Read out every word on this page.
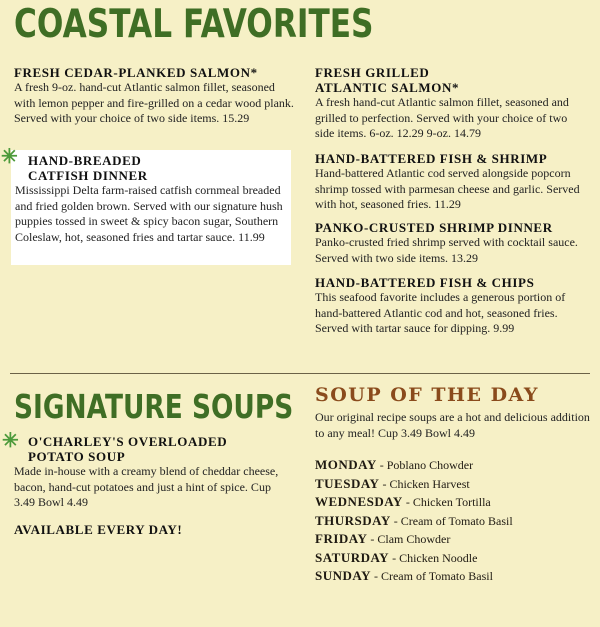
COASTAL FAVORITES
FRESH CEDAR-PLANKED SALMON*
A fresh 9-oz. hand-cut Atlantic salmon fillet, seasoned with lemon pepper and fire-grilled on a cedar wood plank. Served with your choice of two side items. 15.29
✳ HAND-BREADED CATFISH DINNER
Mississippi Delta farm-raised catfish cornmeal breaded and fried golden brown. Served with our signature hush puppies tossed in sweet & spicy bacon sugar, Southern Coleslaw, hot, seasoned fries and tartar sauce. 11.99
FRESH GRILLED ATLANTIC SALMON*
A fresh hand-cut Atlantic salmon fillet, seasoned and grilled to perfection. Served with your choice of two side items. 6-oz. 12.29 9-oz. 14.79
HAND-BATTERED FISH & SHRIMP
Hand-battered Atlantic cod served alongside popcorn shrimp tossed with parmesan cheese and garlic. Served with hot, seasoned fries. 11.29
PANKO-CRUSTED SHRIMP DINNER
Panko-crusted fried shrimp served with cocktail sauce. Served with two side items. 13.29
HAND-BATTERED FISH & CHIPS
This seafood favorite includes a generous portion of hand-battered Atlantic cod and hot, seasoned fries. Served with tartar sauce for dipping. 9.99
SIGNATURE SOUPS
✳ O'CHARLEY'S OVERLOADED POTATO SOUP
Made in-house with a creamy blend of cheddar cheese, bacon, hand-cut potatoes and just a hint of spice. Cup 3.49 Bowl 4.49
AVAILABLE EVERY DAY!
SOUP OF THE DAY
Our original recipe soups are a hot and delicious addition to any meal! Cup 3.49 Bowl 4.49
MONDAY - Poblano Chowder
TUESDAY - Chicken Harvest
WEDNESDAY - Chicken Tortilla
THURSDAY - Cream of Tomato Basil
FRIDAY - Clam Chowder
SATURDAY - Chicken Noodle
SUNDAY - Cream of Tomato Basil
